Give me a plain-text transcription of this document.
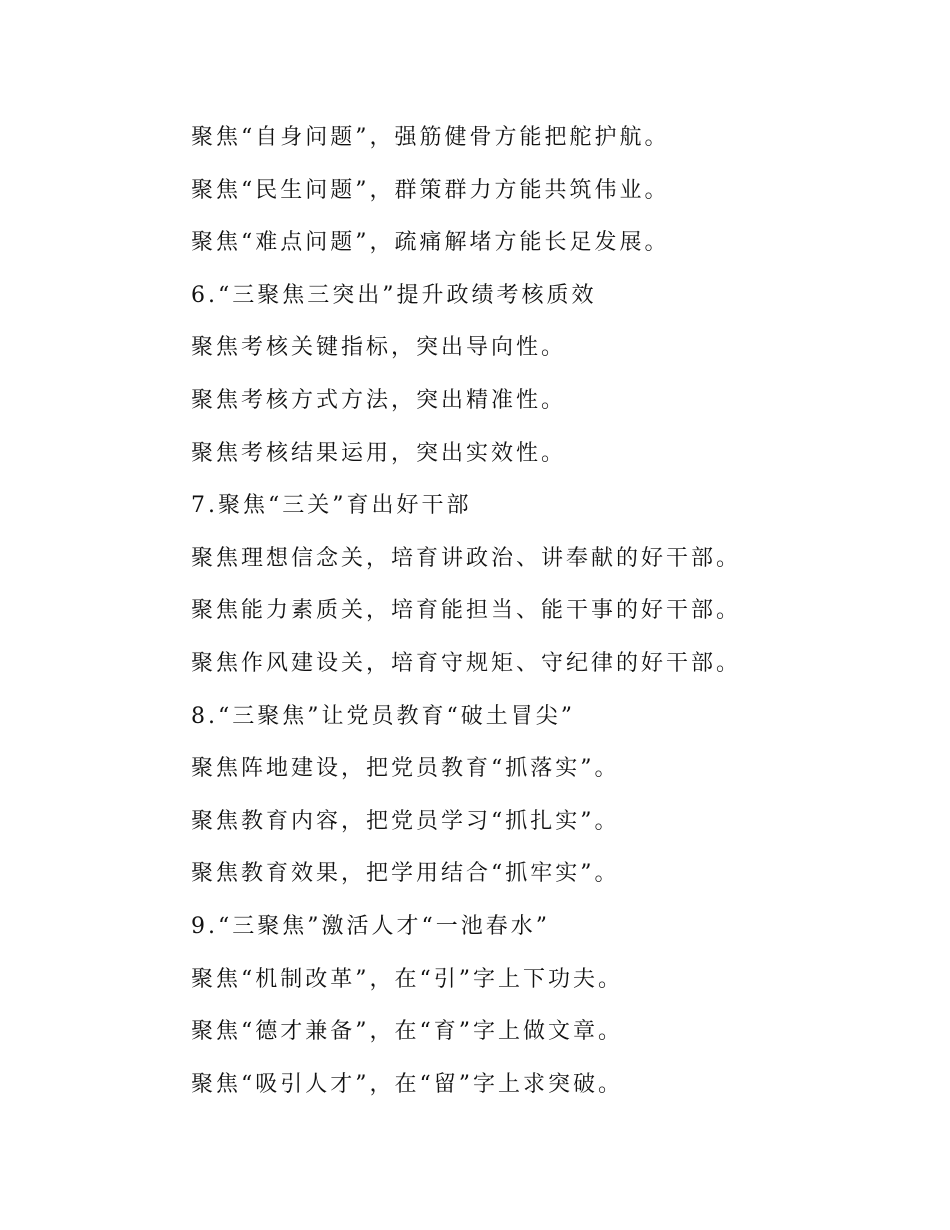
聚焦“自身问题”，强筋健骨方能把舵护航。
聚焦“民生问题”，群策群力方能共筑伟业。
聚焦“难点问题”，疏痛解堵方能长足发展。
6.“三聚焦三突出”提升政绩考核质效
聚焦考核关键指标，突出导向性。
聚焦考核方式方法，突出精准性。
聚焦考核结果运用，突出实效性。
7.聚焦“三关”育出好干部
聚焦理想信念关，培育讲政治、讲奉献的好干部。
聚焦能力素质关，培育能担当、能干事的好干部。
聚焦作风建设关，培育守规矩、守纪律的好干部。
8.“三聚焦”让党员教育“破土冒尖”
聚焦阵地建设，把党员教育“抓落实”。
聚焦教育内容，把党员学习“抓扎实”。
聚焦教育效果，把学用结合“抓牢实”。
9.“三聚焦”激活人才“一池春水”
聚焦“机制改革”，在“引”字上下功夫。
聚焦“德才兼备”，在“育”字上做文章。
聚焦“吸引人才”，在“留”字上求突破。
